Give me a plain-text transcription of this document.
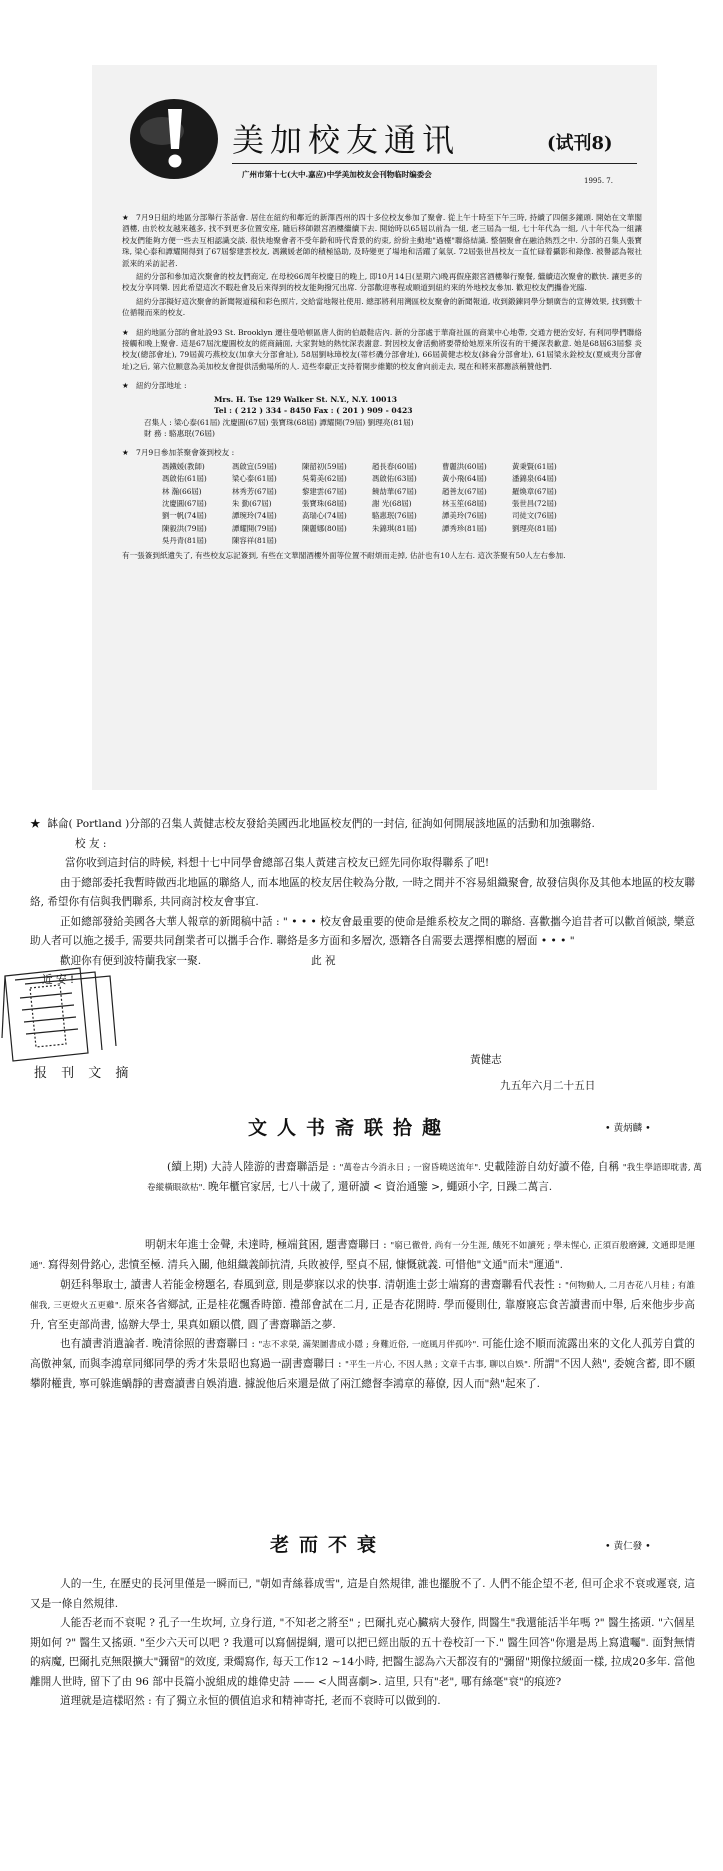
美加校友通讯	(试刊8)
广州市第十七(大中.嘉应)中学美加校友会刊物临时编委会
1995. 7.

★ 7月9日紐約地區分部舉行茶話會. 居住在紐約和鄰近的新澤西州的四十多位校友參加了聚會. 從上午十時至下午三時, 持續了四個多鐘頭. 開始在文華閣酒樓, 由於校友越來越多, 找不到更多位置安座, 隨后移師銀宮酒樓繼續下去. 開始時以65屆以前為一組, 老三屆為一組, 七十年代為一組, 八十年代為一組讓校友們能夠方便一些去互相認識交談. 很快地聚會者不受年齡和時代背景的約束, 紛紛主動地"過檯"聯絡結識. 整個聚會在融洽熱烈之中. 分部的召集人張寶珠, 梁心泰和譚耀開得到了67屆黎建雲校友, 馮鐵媛老師的積極協助, 及時變更了場地和活躍了氣氛. 72屆張世昌校友一直忙碌着攝影和錄像. 被譽認為報社派來的采訪記者.

紐約分部和參加這次聚會的校友們商定, 在母校66周年校慶日的晚上, 即10月14日(星期六)晚再假座銀宮酒樓舉行聚餐, 繼續這次聚會的歡快. 讓更多的校友分享同樂. 因此希望這次不暇赴會及后來得到的校友能夠撥冗出席. 分部歡迎專程或順道到紐約來的外地校友參加. 歡迎校友們攜眷光臨.

紐約分部擬好這次聚會的新聞報道稿和彩色照片, 交給當地報社使用. 總部將利用灣區校友聚會的新聞報道, 收到鍛鍊同學分類廣告的宣傳效果, 找到數十位循報而來的校友.

★ 紐約地區分部的會址設93 St. Brooklyn 遷往曼哈頓區唐人街的伯最鞋店內. 新的分部處于華裔社區的商業中心地帶, 交通方便治安好, 有利同學們聯絡接觸和晚上聚會. 這是67屆沈慶圓校友的經商鋪面, 大家對她的熱忱深表謝意. 對因校友會活動將要帶給她原來所沒有的干擾深表歉意. 她是68屆63屆黎 炎校友(總部會址), 79屆黃巧燕校友(加拿大分部會址), 58屆劉咏璋校友(蒂杉磯分部會址), 66屆黃健志校友(鉢侖分部會址), 61屆梁永銓校友(夏威夷分部會址)之后, 第六位願意為美加校友會提供活動場所的人. 這些奉獻正支持着開步維艱的校友會向前走去, 現在和將來都應該稱贊他們.

★ 紐約分部地址 :

Mrs. H. Tse 129 Walker St. N.Y., N.Y. 10013
Tel : ( 212 ) 334 - 8450 Fax : ( 201 ) 909 - 0423
召集人 : 梁心泰(61屆) 沈慶圓(67屆) 張寶珠(68屆) 譚耀開(79屆) 劉理亮(81屆)
財 務 : 駱惠珉(76屆)

★ 7月9日參加茶聚會簽到校友 :

馮鐵媛(教師)	馮啟宜(59屆)	陳韶初(59屆)	趙長春(60屆)	曹麗洪(60屆)	黃秉賢(61屆)
馮啟佑(61屆)	梁心泰(61屆)	吳菊美(62屆)	馮啟佑(63屆)	黃小飛(64屆)	潘錦泉(64屆)
林 瀚(66屆)	林秀芳(67屆)	黎建雲(67屆)	饒劼華(67屆)	趙善友(67屆)	羅煥章(67屆)
沈慶圓(67屆)	朱 勤(67屆)	張寶珠(68屆)	謝 光(68屆)	林玉笙(68屆)	張世昌(72屆)
劉一帆(74屆)	譚琬玲(74屆)	高瑞心(74屆)	駱惠珉(76屆)	譚美玲(76屆)	司徒文(76屆)
陳毅洪(79屆)	譚耀開(79屆)	陳麗娜(80屆)	朱錦琪(81屆)	譚秀珍(81屆)	劉理亮(81屆)
吳丹青(81屆)	陳容祥(81屆)

有一張簽到紙遺失了, 有些校友忘記簽到, 有些在文華閣酒樓外面等位置不耐煩而走掉, 估計也有10人左右. 這次茶聚有50人左右參加.

★  缽侖( Portland )分部的召集人黃健志校友發給美國西北地區校友們的一封信, 征詢如何開展該地區的活動和加強聯絡.

校 友 :

當你收到這封信的時候, 料想十七中同學會總部召集人黃建言校友已經先同你取得聯系了吧!

由于總部委托我暫時做西北地區的聯絡人, 而本地區的校友居住較為分散, 一時之間并不容易組織聚會, 故發信與你及其他本地區的校友聯絡, 希望你有信與我們聯系, 共同商討校友會事宜.

正如總部發給美國各大華人報章的新聞稿中話 : " • • • 校友會最重要的使命是維系校友之間的聯絡. 喜歡攜今追昔者可以歡首傾談, 樂意助人者可以施之援手, 需要共同創業者可以攜手合作. 聯絡是多方面和多層次, 憑籍各自需要去選擇相應的層面 • • • "

歡迎你有便到波特蘭我家一聚.	此 祝

近 安 !

黃健志
九五年六月二十五日
报 刊 文 摘
文人书斋联拾趣	• 黄炳麟 •

(續上期) 大詩人陸游的書齋聯語是 : "萬卷古今消永日 ; 一窗昏曉送流年". 史載陸游自幼好讀不倦, 自稱 "我生學語即耽書, 萬卷縱橫眼欲枯". 晚年櫃官家居, 七八十歲了, 還研讀 < 資治通鑒 >, 蠅頭小字, 日躁二萬言.

明朝末年進士金聲, 未達時, 極端貧困, 題書齋聯曰 : "窮已徹骨, 尚有一分生涯, 餓死不如讀死 ; 學未惺心, 正須百般磨鍊, 文通即是運通". 寫得刻骨銘心, 悲憤至極. 清兵入關, 他組織義師抗清, 兵敗被俘, 堅貞不屈, 慷慨就義. 可惜他"文通"而未"運通".

朝廷科舉取士, 讀書人若能金榜題名, 春風到意, 則是夢寐以求的快事. 清朝進士彭士端寫的書齋聯看代表性 : "何物動人, 二月杏花八月桂 ; 有誰催我, 三更燈火五更雞". 原來各省鄉試, 正是桂花飄香時節. 禮部會試在二月, 正是杏花開時. 學而優則仕, 靠廢寢忘食苦讀書而中舉, 后來他步步高升, 官至吏部尚書, 協辦大學士, 果真如願以償, 圓了書齋聯語之夢.

也有讀書消遣論者. 晚清徐照的書齋聯曰 : "志不求榮, 滿架圖書成小隱 ; 身難近俗, 一庭風月伴孤吟". 可能仕途不順而流露出來的文化人孤芳自賞的高傲神氣, 而與李鴻章同鄉同學的秀才朱景昭也寫過一副書齋聯曰 : "平生一片心, 不因人熱 ; 文章千古事, 聊以自娛". 所謂"不因人熱", 委婉含蓄, 即不願攀附權貴, 寧可躲進蝸靜的書齋讀書自娛消遣. 據說他后來還是做了兩江總督李鴻章的幕僚, 因人而"熱"起來了.

老而不衰	• 黄仁發 •

人的一生, 在歷史的長河里僅是一瞬而已, "朝如青絲暮成雪", 這是自然規律, 誰也擺脫不了. 人們不能企望不老, 但可企求不衰或遲衰, 這又是一條自然規律.

人能否老而不衰呢 ? 孔子一生坎坷, 立身行道, "不知老之將至" ; 巴爾扎克心臟病大發作, 問醫生"我還能活半年嗎 ?" 醫生搖頭. "六個星期如何 ?" 醫生又搖頭. "至少六天可以吧 ? 我還可以寫個提綱, 還可以把已經出版的五十卷校訂一下." 醫生回答"你還是馬上寫遺囑". 面對無情的病魔, 巴爾扎克無限擴大"彌留"的效度, 秉燭寫作, 每天工作12 ~14小時, 把醫生認為六天都沒有的"彌留"期像拉緩面一樣, 拉成20多年. 當他離開人世時, 留下了由 96 部中長篇小說組成的雄偉史詩 —— <人間喜劇>. 這里, 只有"老", 哪有絲毫"衰"的痕迹?

道理就是這樣昭然 : 有了獨立永恒的價值追求和精神寄托, 老而不衰時可以做到的.
